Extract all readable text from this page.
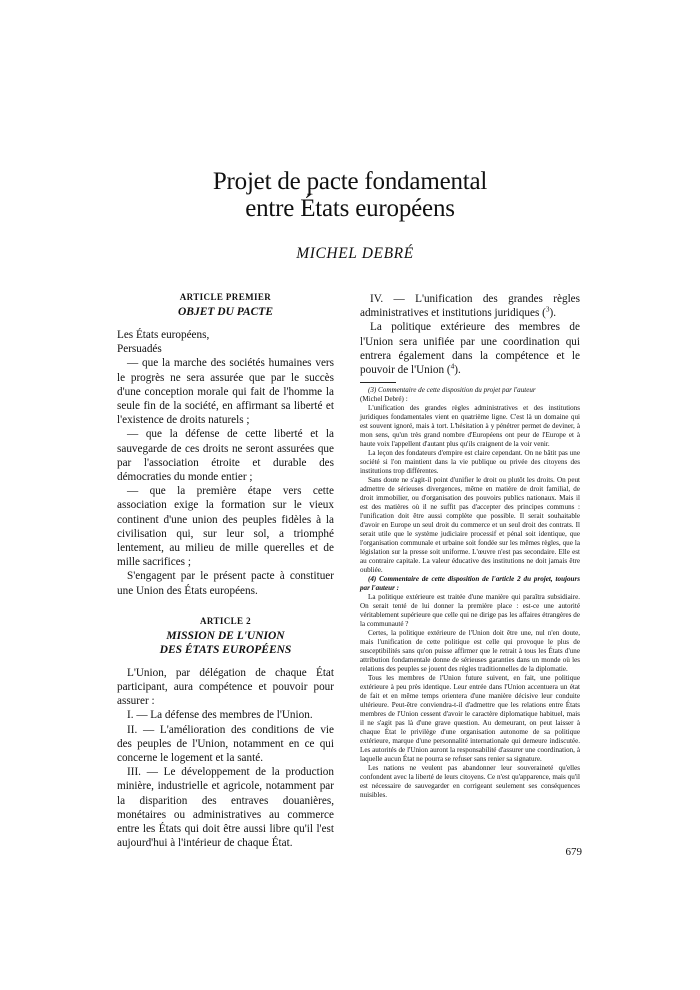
Projet de pacte fondamental
entre États européens
MICHEL DEBRÉ
ARTICLE PREMIER
OBJET DU PACTE

Les États européens,

Persuadés

— que la marche des sociétés humaines vers le progrès ne sera assurée que par le succès d'une conception morale qui fait de l'homme la seule fin de la société, en affirmant sa liberté et l'existence de droits naturels ;

— que la défense de cette liberté et la sauvegarde de ces droits ne seront assurées que par l'association étroite et durable des démocraties du monde entier ;

— que la première étape vers cette association exige la formation sur le vieux continent d'une union des peuples fidèles à la civilisation qui, sur leur sol, a triomphé lentement, au milieu de mille querelles et de mille sacrifices ;

S'engagent par le présent pacte à constituer une Union des États européens.

ARTICLE 2
MISSION DE L'UNION
DES ÉTATS EUROPÉENS

L'Union, par délégation de chaque État participant, aura compétence et pouvoir pour assurer :

I. — La défense des membres de l'Union.

II. — L'amélioration des conditions de vie des peuples de l'Union, notamment en ce qui concerne le logement et la santé.

III. — Le développement de la production minière, industrielle et agricole, notamment par la disparition des entraves douanières, monétaires ou administratives au commerce entre les États qui doit être aussi libre qu'il l'est aujourd'hui à l'intérieur de chaque État.

IV. — L'unification des grandes règles administratives et institutions juridiques ($^3$).

La politique extérieure des membres de l'Union sera unifiée par une coordination qui entrera également dans la compétence et le pouvoir de l'Union ($^4$).

(3) Commentaire de cette disposition du projet par l'auteur

(Michel Debré) :

L'unification des grandes règles administratives et des institutions juridiques fondamentales vient en quatrième ligne. C'est là un domaine qui est souvent ignoré, mais à tort. L'hésitation à y pénétrer permet de deviner, à mon sens, qu'un très grand nombre d'Européens ont peur de l'Europe et à haute voix l'appellent d'autant plus qu'ils craignent de la voir venir.

La leçon des fondateurs d'empire est claire cependant. On ne bâtit pas une société si l'on maintient dans la vie publique ou privée des citoyens des institutions trop différentes.

Sans doute ne s'agit-il point d'unifier le droit ou plutôt les droits. On peut admettre de sérieuses divergences, même en matière de droit familial, de droit immobilier, ou d'organisation des pouvoirs publics nationaux. Mais il est des matières où il ne suffit pas d'accepter des principes communs : l'unification doit être aussi complète que possible. Il serait souhaitable d'avoir en Europe un seul droit du commerce et un seul droit des contrats. Il serait utile que le système judiciaire processif et pénal soit identique, que l'organisation communale et urbaine soit fondée sur les mêmes règles, que la législation sur la presse soit uniforme. L'œuvre n'est pas secondaire. Elle est au contraire capitale. La valeur éducative des institutions ne doit jamais être oubliée.

(4) Commentaire de cette disposition de l'article 2 du projet, toujours par l'auteur :

La politique extérieure est traitée d'une manière qui paraîtra subsidiaire. On serait tenté de lui donner la première place : est-ce une autorité véritablement supérieure que celle qui ne dirige pas les affaires étrangères de la communauté ?

Certes, la politique extérieure de l'Union doit être une, nul n'en doute, mais l'unification de cette politique est celle qui provoque le plus de susceptibilités sans qu'on puisse affirmer que le retrait à tous les États d'une attribution fondamentale donne de sérieuses garanties dans un monde où les relations des peuples se jouent des règles traditionnelles de la diplomatie.

Tous les membres de l'Union future suivent, en fait, une politique extérieure à peu près identique. Leur entrée dans l'Union accentuera un état de fait et en même temps orientera d'une manière décisive leur conduite ultérieure. Peut-être conviendra-t-il d'admettre que les relations entre États membres de l'Union cessent d'avoir le caractère diplomatique habituel, mais il ne s'agit pas là d'une grave question. Au demeurant, on peut laisser à chaque État le privilège d'une organisation autonome de sa politique extérieure, marque d'une personnalité internationale qui demeure indiscutée. Les autorités de l'Union auront la responsabilité d'assurer une coordination, à laquelle aucun État ne pourra se refuser sans renier sa signature.

Les nations ne veulent pas abandonner leur souveraineté qu'elles confondent avec la liberté de leurs citoyens. Ce n'est qu'apparence, mais qu'il est nécessaire de sauvegarder en corrigeant seulement ses conséquences nuisibles.

679
